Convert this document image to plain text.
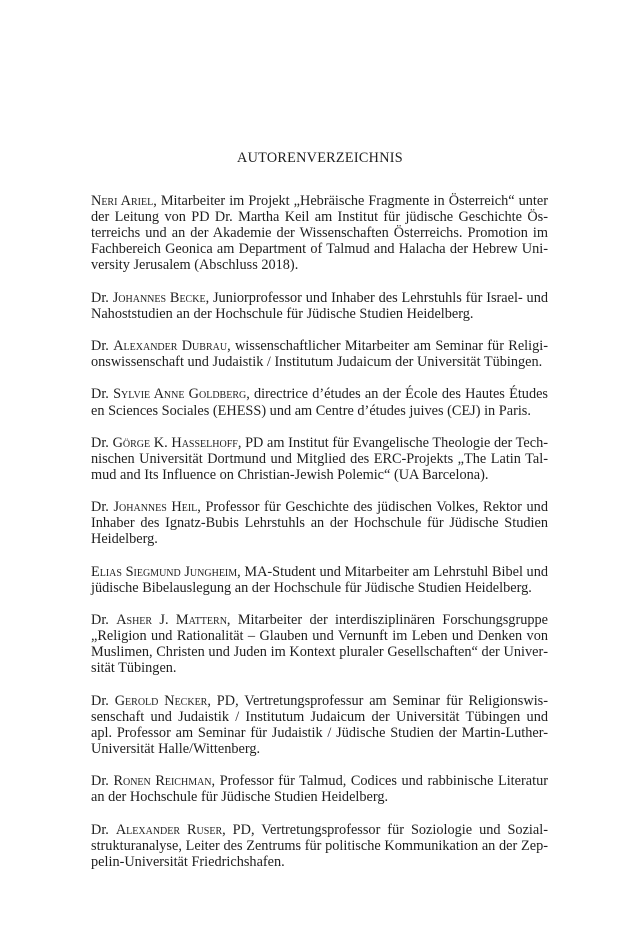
AUTORENVERZEICHNIS

Neri Ariel, Mitarbeiter im Projekt „Hebräische Fragmente in Österreich“ unter der Leitung von PD Dr. Martha Keil am Institut für jüdische Geschichte Österreichs und an der Akademie der Wissenschaften Österreichs. Promotion im Fachbereich Geonica am Department of Talmud and Halacha der Hebrew University Jerusalem (Abschluss 2018).

Dr. Johannes Becke, Juniorprofessor und Inhaber des Lehrstuhls für Israel- und Nahoststudien an der Hochschule für Jüdische Studien Heidelberg.

Dr. Alexander Dubrau, wissenschaftlicher Mitarbeiter am Seminar für Religionswissenschaft und Judaistik / Institutum Judaicum der Universität Tübingen.

Dr. Sylvie Anne Goldberg, directrice d’études an der École des Hautes Études en Sciences Sociales (EHESS) und am Centre d’études juives (CEJ) in Paris.

Dr. Görge K. Hasselhoff, PD am Institut für Evangelische Theologie der Technischen Universität Dortmund und Mitglied des ERC-Projekts „The Latin Talmud and Its Influence on Christian-Jewish Polemic“ (UA Barcelona).

Dr. Johannes Heil, Professor für Geschichte des jüdischen Volkes, Rektor und Inhaber des Ignatz-Bubis Lehrstuhls an der Hochschule für Jüdische Studien Heidelberg.

Elias Siegmund Jungheim, MA-Student und Mitarbeiter am Lehrstuhl Bibel und jüdische Bibelauslegung an der Hochschule für Jüdische Studien Heidelberg.

Dr. Asher J. Mattern, Mitarbeiter der interdisziplinären Forschungsgruppe „Religion und Rationalität – Glauben und Vernunft im Leben und Denken von Muslimen, Christen und Juden im Kontext pluraler Gesellschaften“ der Universität Tübingen.

Dr. Gerold Necker, PD, Vertretungsprofessur am Seminar für Religionswissenschaft und Judaistik / Institutum Judaicum der Universität Tübingen und apl. Professor am Seminar für Judaistik / Jüdische Studien der Martin-Luther-Universität Halle/Wittenberg.

Dr. Ronen Reichman, Professor für Talmud, Codices und rabbinische Literatur an der Hochschule für Jüdische Studien Heidelberg.

Dr. Alexander Ruser, PD, Vertretungsprofessor für Soziologie und Sozialstrukturanalyse, Leiter des Zentrums für politische Kommunikation an der Zeppelin-Universität Friedrichshafen.
